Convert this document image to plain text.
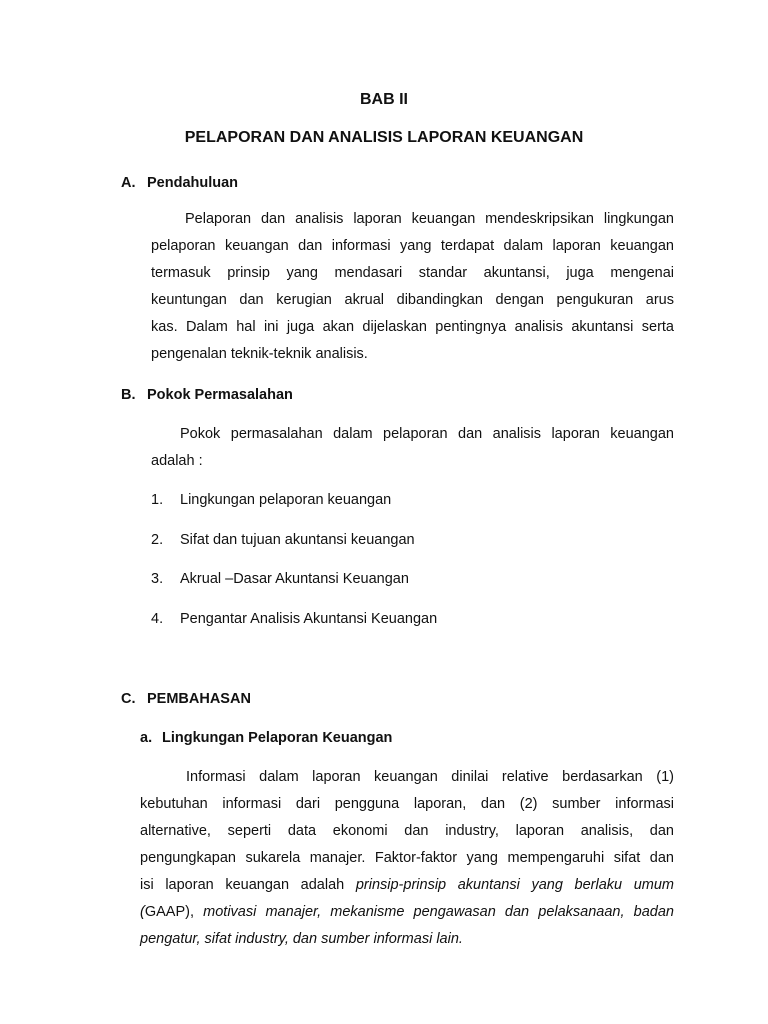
BAB II
PELAPORAN DAN ANALISIS LAPORAN KEUANGAN
A. Pendahuluan
Pelaporan dan analisis laporan keuangan mendeskripsikan lingkungan
pelaporan keuangan dan informasi yang terdapat dalam laporan keuangan
termasuk prinsip yang mendasari standar akuntansi, juga mengenai
keuntungan dan kerugian akrual dibandingkan dengan pengukuran arus
kas. Dalam hal ini juga akan dijelaskan pentingnya analisis akuntansi serta
pengenalan teknik-teknik analisis.
B. Pokok Permasalahan
Pokok permasalahan dalam pelaporan dan analisis laporan keuangan
adalah :

1. Lingkungan pelaporan keuangan

2. Sifat dan tujuan akuntansi keuangan

3. Akrual –Dasar Akuntansi Keuangan

4. Pengantar Analisis Akuntansi Keuangan

C. PEMBAHASAN
a. Lingkungan Pelaporan Keuangan
Informasi dalam laporan keuangan dinilai relative berdasarkan (1)
kebutuhan informasi dari pengguna laporan, dan (2) sumber informasi
alternative, seperti data ekonomi dan industry, laporan analisis, dan
pengungkapan sukarela manajer. Faktor-faktor yang mempengaruhi sifat dan
isi laporan keuangan adalah prinsip-prinsip akuntansi yang berlaku umum
(GAAP), motivasi manajer, mekanisme pengawasan dan pelaksanaan, badan
pengatur, sifat industry, dan sumber informasi lain.
